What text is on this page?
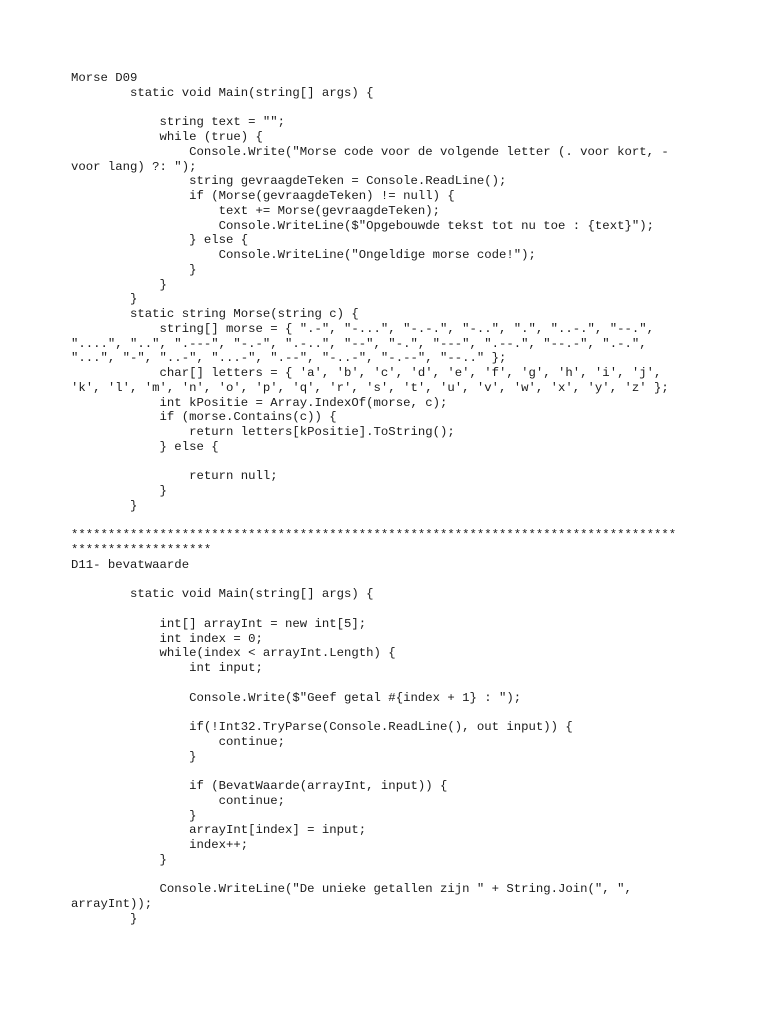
Morse D09
static void Main(string[] args) {
string text = "";
while (true) {
Console.Write("Morse code voor de volgende letter (. voor kort, -
voor lang) ?: ");
string gevraagdeTeken = Console.ReadLine();
if (Morse(gevraagdeTeken) != null) {
text += Morse(gevraagdeTeken);
Console.WriteLine($"Opgebouwde tekst tot nu toe : {text}");
} else {
Console.WriteLine("Ongeldige morse code!");
}
}
}
static string Morse(string c) {
string[] morse = { ".-", "-...", "-.-.", "-..", ".", "..-.", "--.",
"....", "..", ".---", "-.-", ".-..", "--", "-.", "---", ".--.", "--.-", ".-.",
"...", "-", "..-", "...-", ".--", "-..-", "-.--", "--.." };
char[] letters = { 'a', 'b', 'c', 'd', 'e', 'f', 'g', 'h', 'i', 'j',
'k', 'l', 'm', 'n', 'o', 'p', 'q', 'r', 's', 't', 'u', 'v', 'w', 'x', 'y', 'z' };
int kPositie = Array.IndexOf(morse, c);
if (morse.Contains(c)) {
return letters[kPositie].ToString();
} else {
return null;
}
}
**********************************************************************************
*******************
D11- bevatwaarde
static void Main(string[] args) {
int[] arrayInt = new int[5];
int index = 0;
while(index < arrayInt.Length) {
int input;
Console.Write($"Geef getal #{index + 1} : ");
if(!Int32.TryParse(Console.ReadLine(), out input)) {
continue;
}
if (BevatWaarde(arrayInt, input)) {
continue;
}
arrayInt[index] = input;
index++;
}
Console.WriteLine("De unieke getallen zijn " + String.Join(", ",
arrayInt));
}
